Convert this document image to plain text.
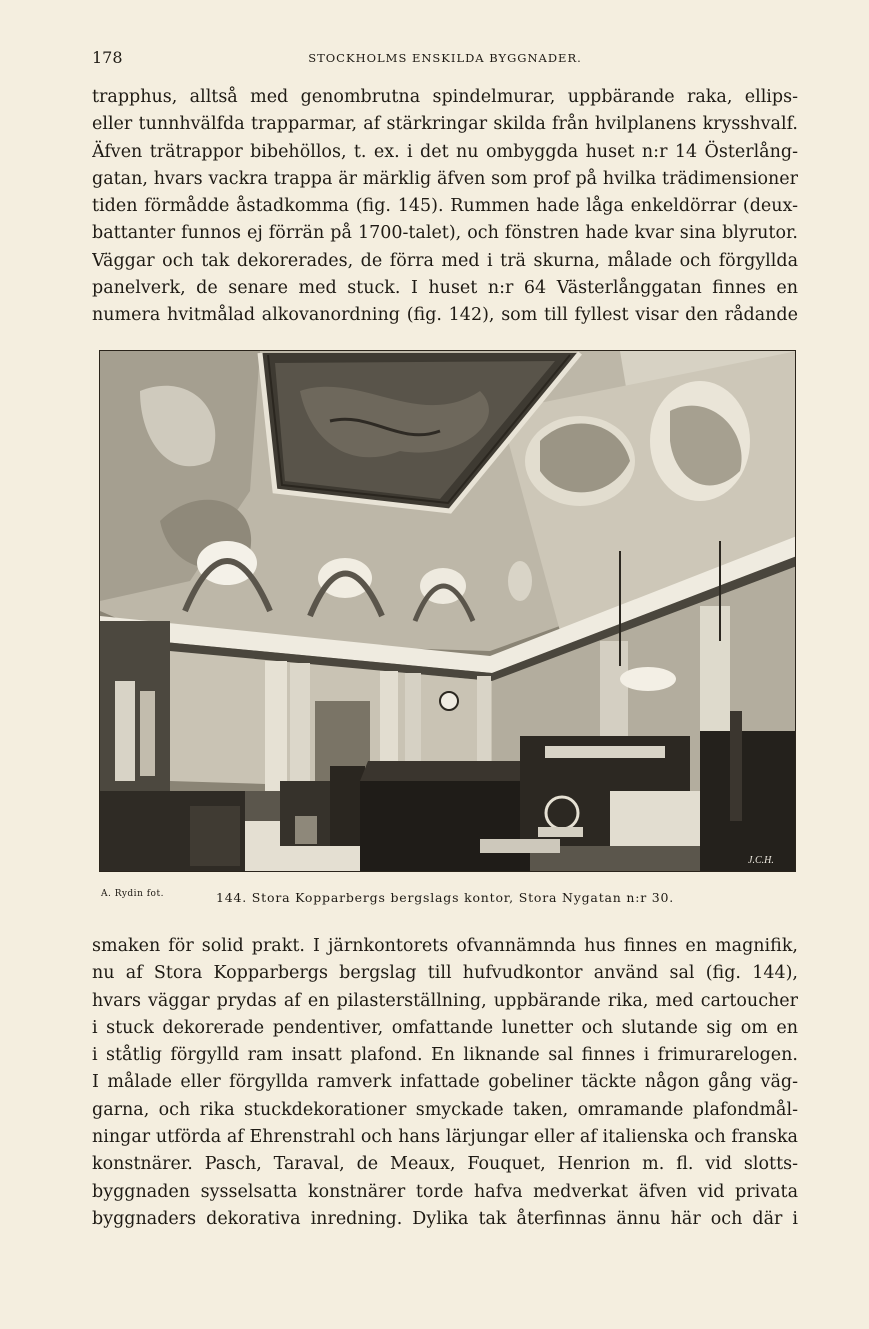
178	STOCKHOLMS ENSKILDA BYGGNADER.
trapphus, alltså med genombrutna spindelmurar, uppbärande raka, ellips-
eller tunnhvälfda trapparmar, af stärkringar skilda från hvilplanens krysshvalf.
Äfven trätrappor bibehöllos, t. ex. i det nu ombyggda huset n:r 14 Österlång-
gatan, hvars vackra trappa är märklig äfven som prof på hvilka trädimensioner
tiden förmådde åstadkomma (fig. 145). Rummen hade låga enkeldörrar (deux-
battanter funnos ej förrän på 1700-talet), och fönstren hade kvar sina blyrutor.
Väggar och tak dekorerades, de förra med i trä skurna, målade och förgyllda
panelverk, de senare med stuck. I huset n:r 64 Västerlånggatan finnes en
numera hvitmålad alkovanordning (fig. 142), som till fyllest visar den rådande
J.C.H.
A. Rydin fot.	144. Stora Kopparbergs bergslags kontor, Stora Nygatan n:r 30.
smaken för solid prakt. I järnkontorets ofvannämnda hus finnes en magnifik,
nu af Stora Kopparbergs bergslag till hufvudkontor använd sal (fig. 144),
hvars väggar prydas af en pilasterställning, uppbärande rika, med cartoucher
i stuck dekorerade pendentiver, omfattande lunetter och slutande sig om en
i ståtlig förgylld ram insatt plafond. En liknande sal finnes i frimurarelogen.
I målade eller förgyllda ramverk infattade gobeliner täckte någon gång väg-
garna, och rika stuckdekorationer smyckade taken, omramande plafondmål-
ningar utförda af Ehrenstrahl och hans lärjungar eller af italienska och franska
konstnärer. Pasch, Taraval, de Meaux, Fouquet, Henrion m. fl. vid slotts-
byggnaden sysselsatta konstnärer torde hafva medverkat äfven vid privata
byggnaders dekorativa inredning. Dylika tak återfinnas ännu här och där i
